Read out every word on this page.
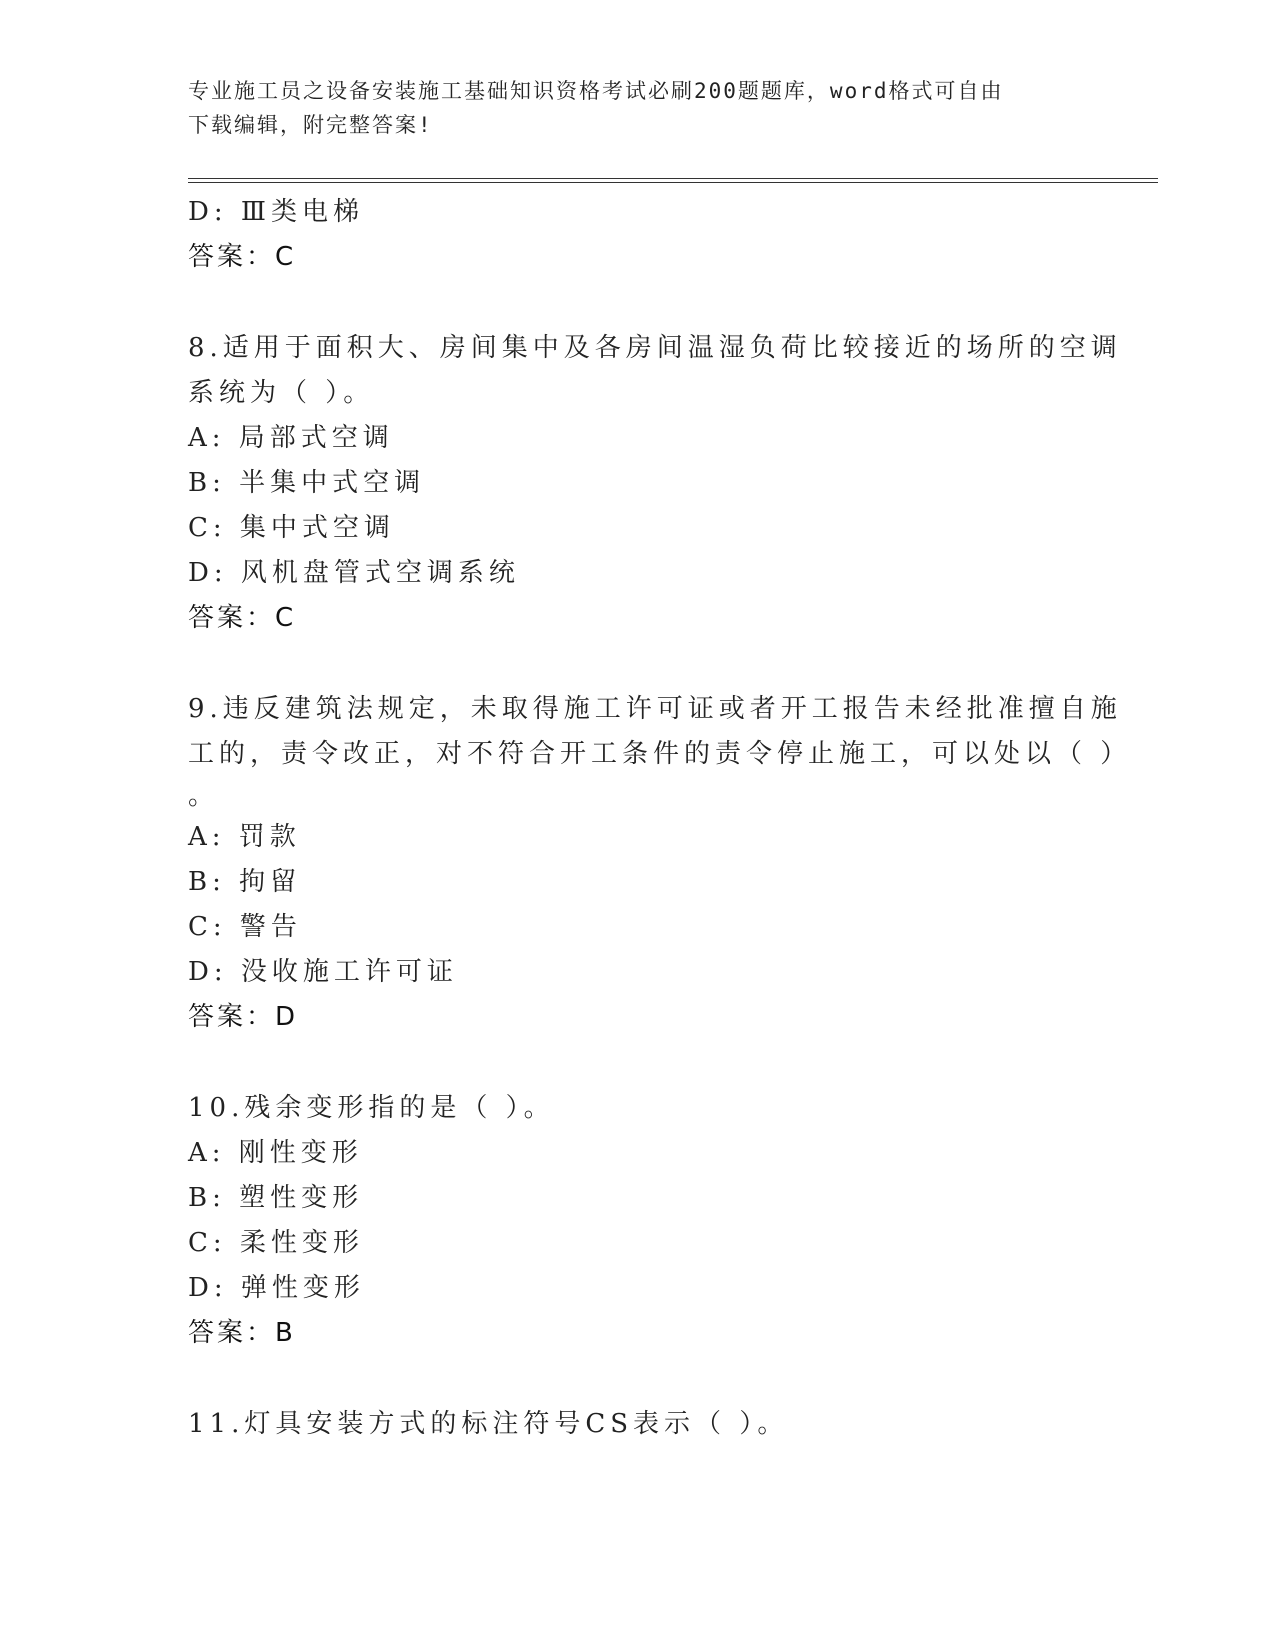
专业施工员之设备安装施工基础知识资格考试必刷200题题库，word格式可自由
下载编辑，附完整答案!
D: Ⅲ类电梯
答案：C
8.适用于面积大、房间集中及各房间温湿负荷比较接近的场所的空调
系统为（ ）。
A: 局部式空调
B: 半集中式空调
C: 集中式空调
D: 风机盘管式空调系统
答案：C
9.违反建筑法规定，未取得施工许可证或者开工报告未经批准擅自施
工的，责令改正，对不符合开工条件的责令停止施工，可以处以（ ）
。
A: 罚款
B: 拘留
C: 警告
D: 没收施工许可证
答案：D
10.残余变形指的是（ ）。
A: 刚性变形
B: 塑性变形
C: 柔性变形
D: 弹性变形
答案：B
11.灯具安装方式的标注符号CS表示（ ）。
